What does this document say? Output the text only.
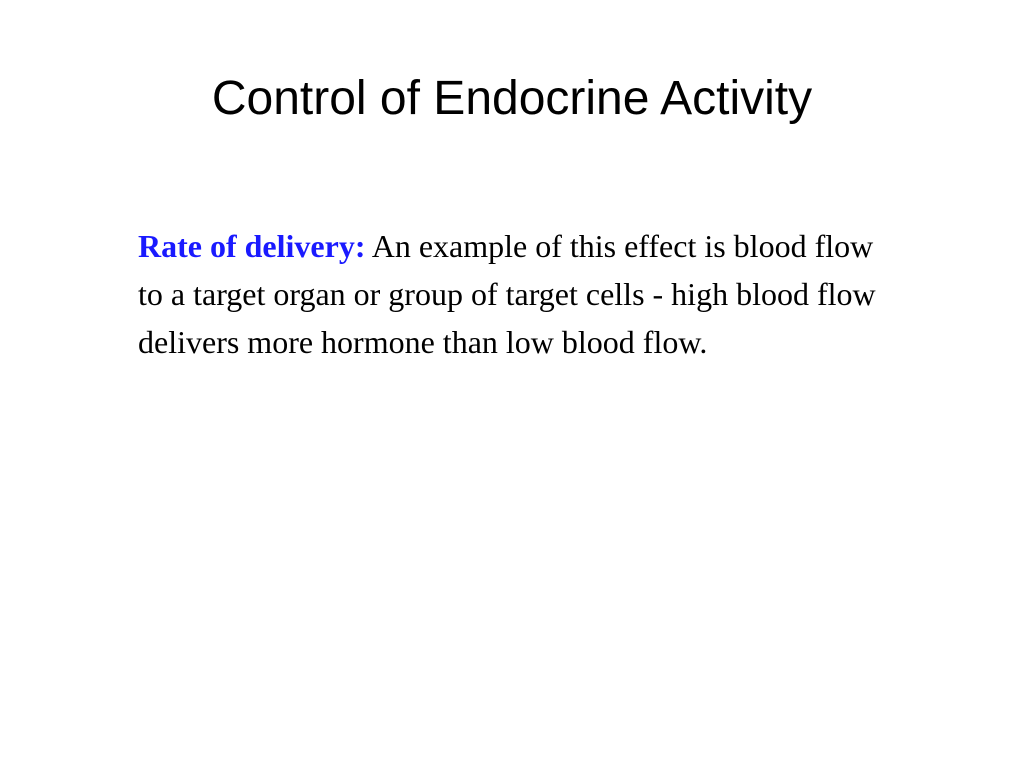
Control of Endocrine Activity

Rate of delivery: An example of this effect is blood flow to a target organ or group of target cells - high blood flow delivers more hormone than low blood flow.
